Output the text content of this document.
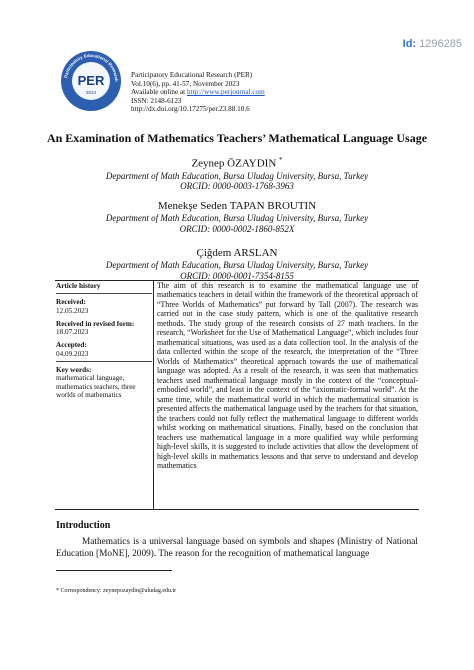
Id: 1296285
Participatory Educational Research
PER
2014
Participatory Educational Research (PER)
Vol.10(6), pp. 41-57, November 2023
Available online at http://www.perjournal.com
ISSN: 2148-6123
http://dx.doi.org/10.17275/per.23.88.10.6
An Examination of Mathematics Teachers’ Mathematical Language Usage
Zeynep ÖZAYDIN *
Department of Math Education, Bursa Uludag University, Bursa, Turkey
ORCID: 0000-0003-1768-3963
Menekşe Seden TAPAN BROUTIN
Department of Math Education, Bursa Uludag University, Bursa, Turkey
ORCID: 0000-0002-1860-852X
Çiğdem ARSLAN
Department of Math Education, Bursa Uludag University, Bursa, Turkey
ORCID: 0000-0001-7354-8155
Article history
Received:
12.05.2023
Received in revised form:
18.07.2023
Accepted:
04.09.2023
Key words:
mathematical language, mathematics teachers, three worlds of mathematics
The aim of this research is to examine the mathematical language use of mathematics teachers in detail within the framework of the theoretical approach of “Three Worlds of Mathematics” put forward by Tall (2007). The research was carried out in the case study pattern, which is one of the qualitative research methods. The study group of the research consists of 27 math teachers. In the research, “Worksheet for the Use of Mathematical Language”, which includes four mathematical situations, was used as a data collection tool. In the analysis of the data collected within the scope of the research, the interpretation of the “Three Worlds of Mathematics” theoretical approach towards the use of mathematical language was adopted. As a result of the research, it was seen that mathematics teachers used mathematical language mostly in the context of the “conceptual-embodied world”, and least in the context of the “axiomatic-formal world”. At the same time, while the mathematical world in which the mathematical situation is presented affects the mathematical language used by the teachers for that situation, the teachers could not fully reflect the mathematical language to different worlds whilst working on mathematical situations. Finally, based on the conclusion that teachers use mathematical language in a more qualified way while performing high-level skills, it is suggested to include activities that allow the development of high-level skills in mathematics lessons and that serve to understand and develop mathematics
Introduction
Mathematics is a universal language based on symbols and shapes (Ministry of National Education [MoNE], 2009). The reason for the recognition of mathematical language
* Correspondency: zeynepozaydin@uludag.edu.tr
